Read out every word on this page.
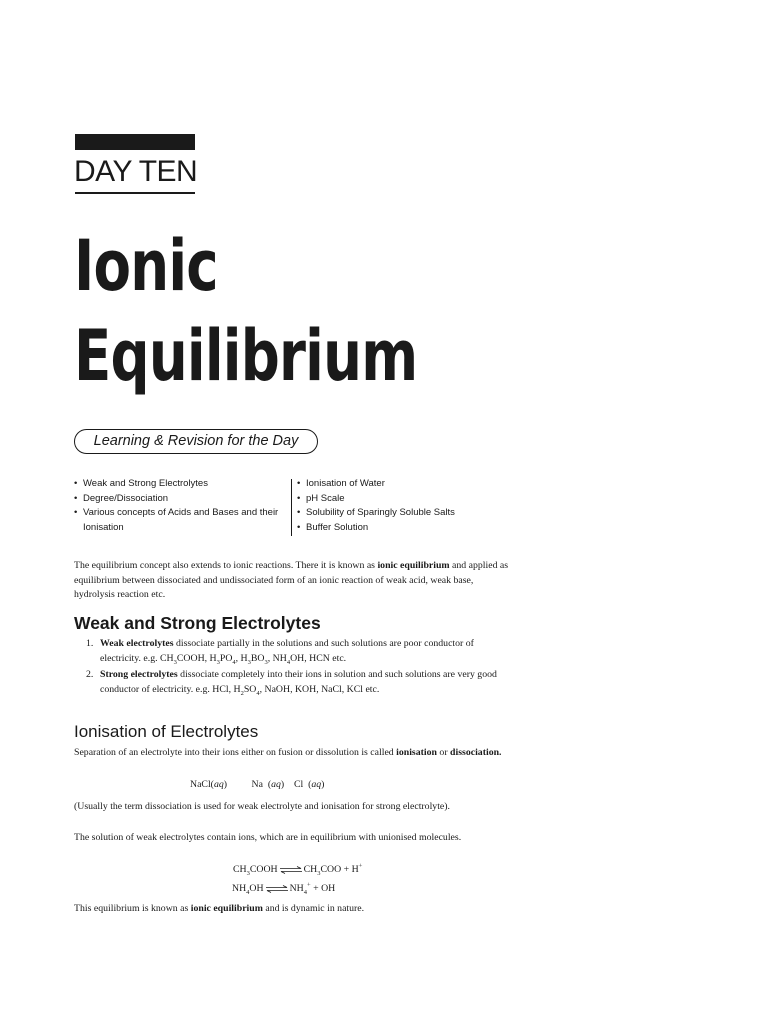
DAY TEN
Ionic
Equilibrium
Learning & Revision for the Day
• Weak and Strong Electrolytes
• Degree/Dissociation
• Various concepts of Acids and Bases and their Ionisation
• Ionisation of Water
• pH Scale
• Solubility of Sparingly Soluble Salts
• Buffer Solution
The equilibrium concept also extends to ionic reactions. There it is known as ionic equilibrium and applied as equilibrium between dissociated and undissociated form of an ionic reaction of weak acid, weak base, hydrolysis reaction etc.
Weak and Strong Electrolytes
1. Weak electrolytes dissociate partially in the solutions and such solutions are poor conductor of electricity. e.g. $CH_3COOH$, $H_3PO_4$, $H_3BO_3$, $NH_4OH$, HCN etc.
2. Strong electrolytes dissociate completely into their ions in solution and such solutions are very good conductor of electricity. e.g. HCl, $H_2SO_4$, NaOH, KOH, NaCl, KCl etc.
Ionisation of Electrolytes
Separation of an electrolyte into their ions either on fusion or dissolution is called ionisation or dissociation.
NaCl(aq)          Na  (aq)    Cl  (aq)
(Usually the term dissociation is used for weak electrolyte and ionisation for strong electrolyte).
The solution of weak electrolytes contain ions, which are in equilibrium with unionised molecules.
$CH_3COOH\rightleftharpoons CH_3COO + H^+$
$NH_4OH\rightleftharpoons NH_4^+$ + OH
This equilibrium is known as ionic equilibrium and is dynamic in nature.
